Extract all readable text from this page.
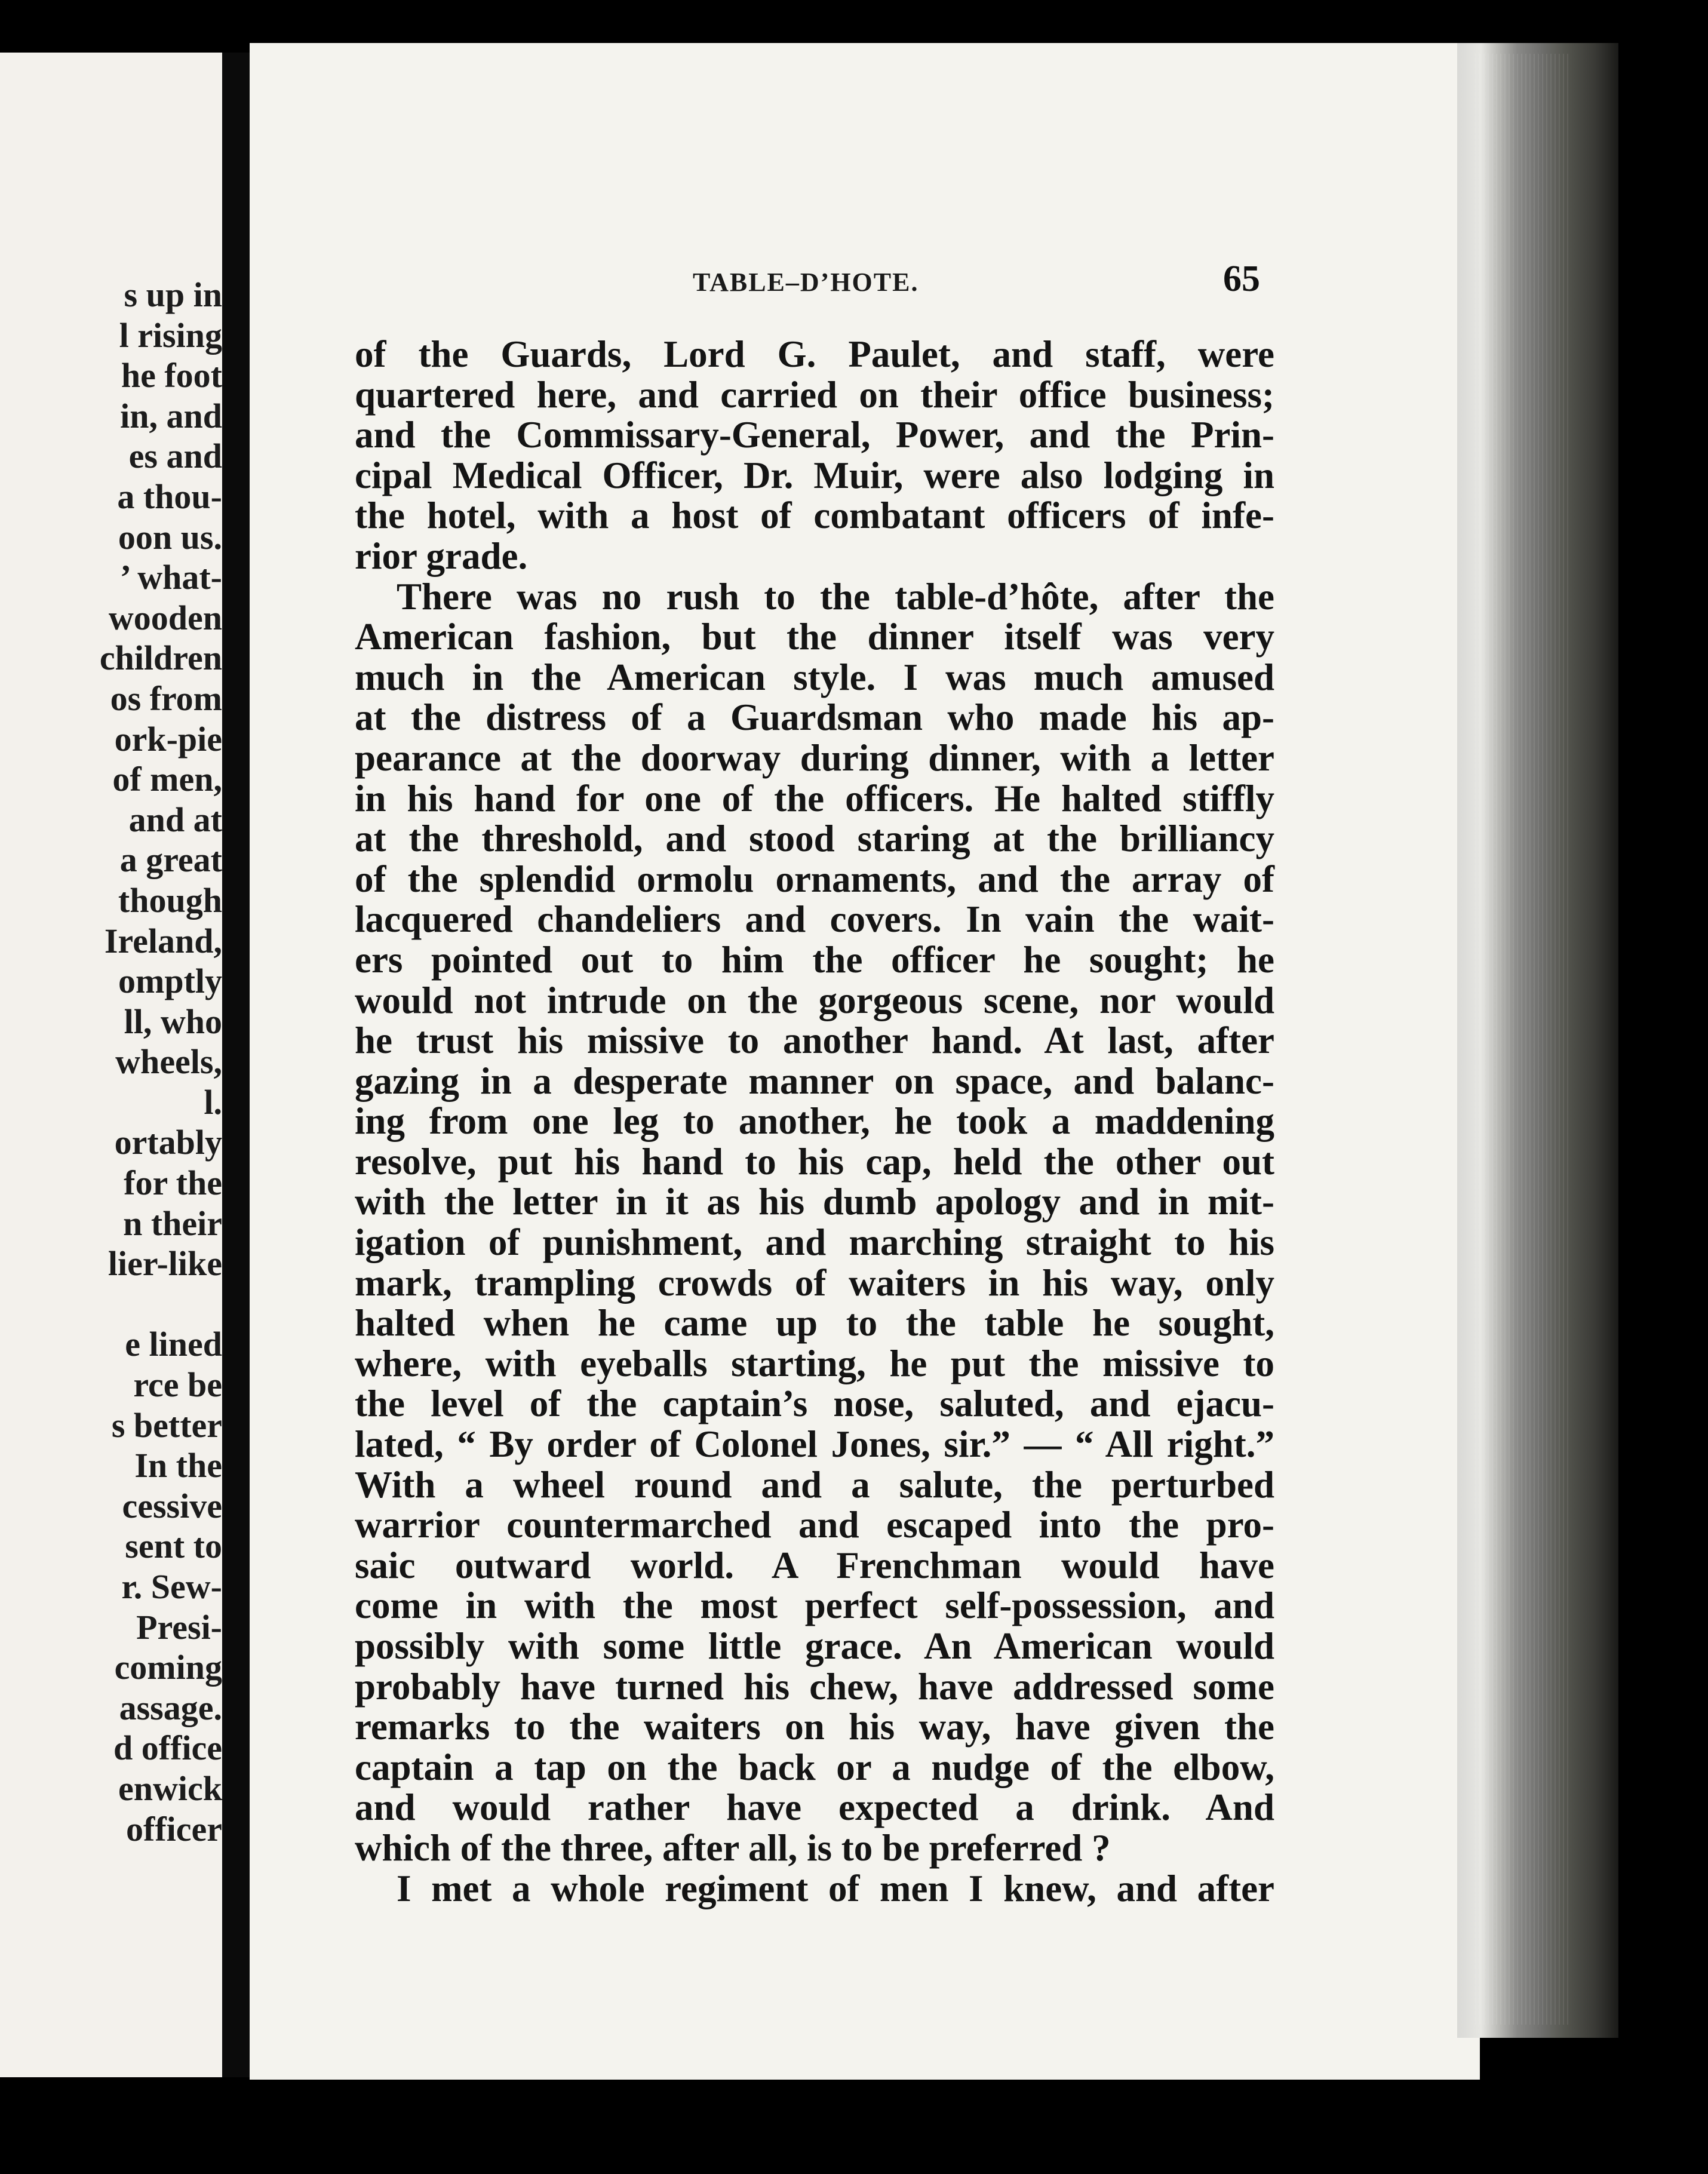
s up in
l rising
he foot
in, and
es and
a thou-
oon us.
’ what-
wooden
children
os from
ork-pie
of men,
and at
a great
though
Ireland,
omptly
ll, who
wheels,
l.
ortably
for the
n their
lier-like

e lined
rce be
s better
In the
cessive
sent to
r. Sew-
Presi-
coming
assage.
d office
enwick
officer
TABLE–D’HOTE.	65
of the Guards, Lord G. Paulet, and staff, were
quartered here, and carried on their office business;
and the Commissary-General, Power, and the Prin-
cipal Medical Officer, Dr. Muir, were also lodging in
the hotel, with a host of combatant officers of infe-
rior grade.
There was no rush to the table-d’hôte, after the
American fashion, but the dinner itself was very
much in the American style. I was much amused
at the distress of a Guardsman who made his ap-
pearance at the doorway during dinner, with a letter
in his hand for one of the officers. He halted stiffly
at the threshold, and stood staring at the brilliancy
of the splendid ormolu ornaments, and the array of
lacquered chandeliers and covers. In vain the wait-
ers pointed out to him the officer he sought; he
would not intrude on the gorgeous scene, nor would
he trust his missive to another hand. At last, after
gazing in a desperate manner on space, and balanc-
ing from one leg to another, he took a maddening
resolve, put his hand to his cap, held the other out
with the letter in it as his dumb apology and in mit-
igation of punishment, and marching straight to his
mark, trampling crowds of waiters in his way, only
halted when he came up to the table he sought,
where, with eyeballs starting, he put the missive to
the level of the captain’s nose, saluted, and ejacu-
lated, “ By order of Colonel Jones, sir.” — “ All right.”
With a wheel round and a salute, the perturbed
warrior countermarched and escaped into the pro-
saic outward world. A Frenchman would have
come in with the most perfect self-possession, and
possibly with some little grace. An American would
probably have turned his chew, have addressed some
remarks to the waiters on his way, have given the
captain a tap on the back or a nudge of the elbow,
and would rather have expected a drink. And
which of the three, after all, is to be preferred ?
I met a whole regiment of men I knew, and after
